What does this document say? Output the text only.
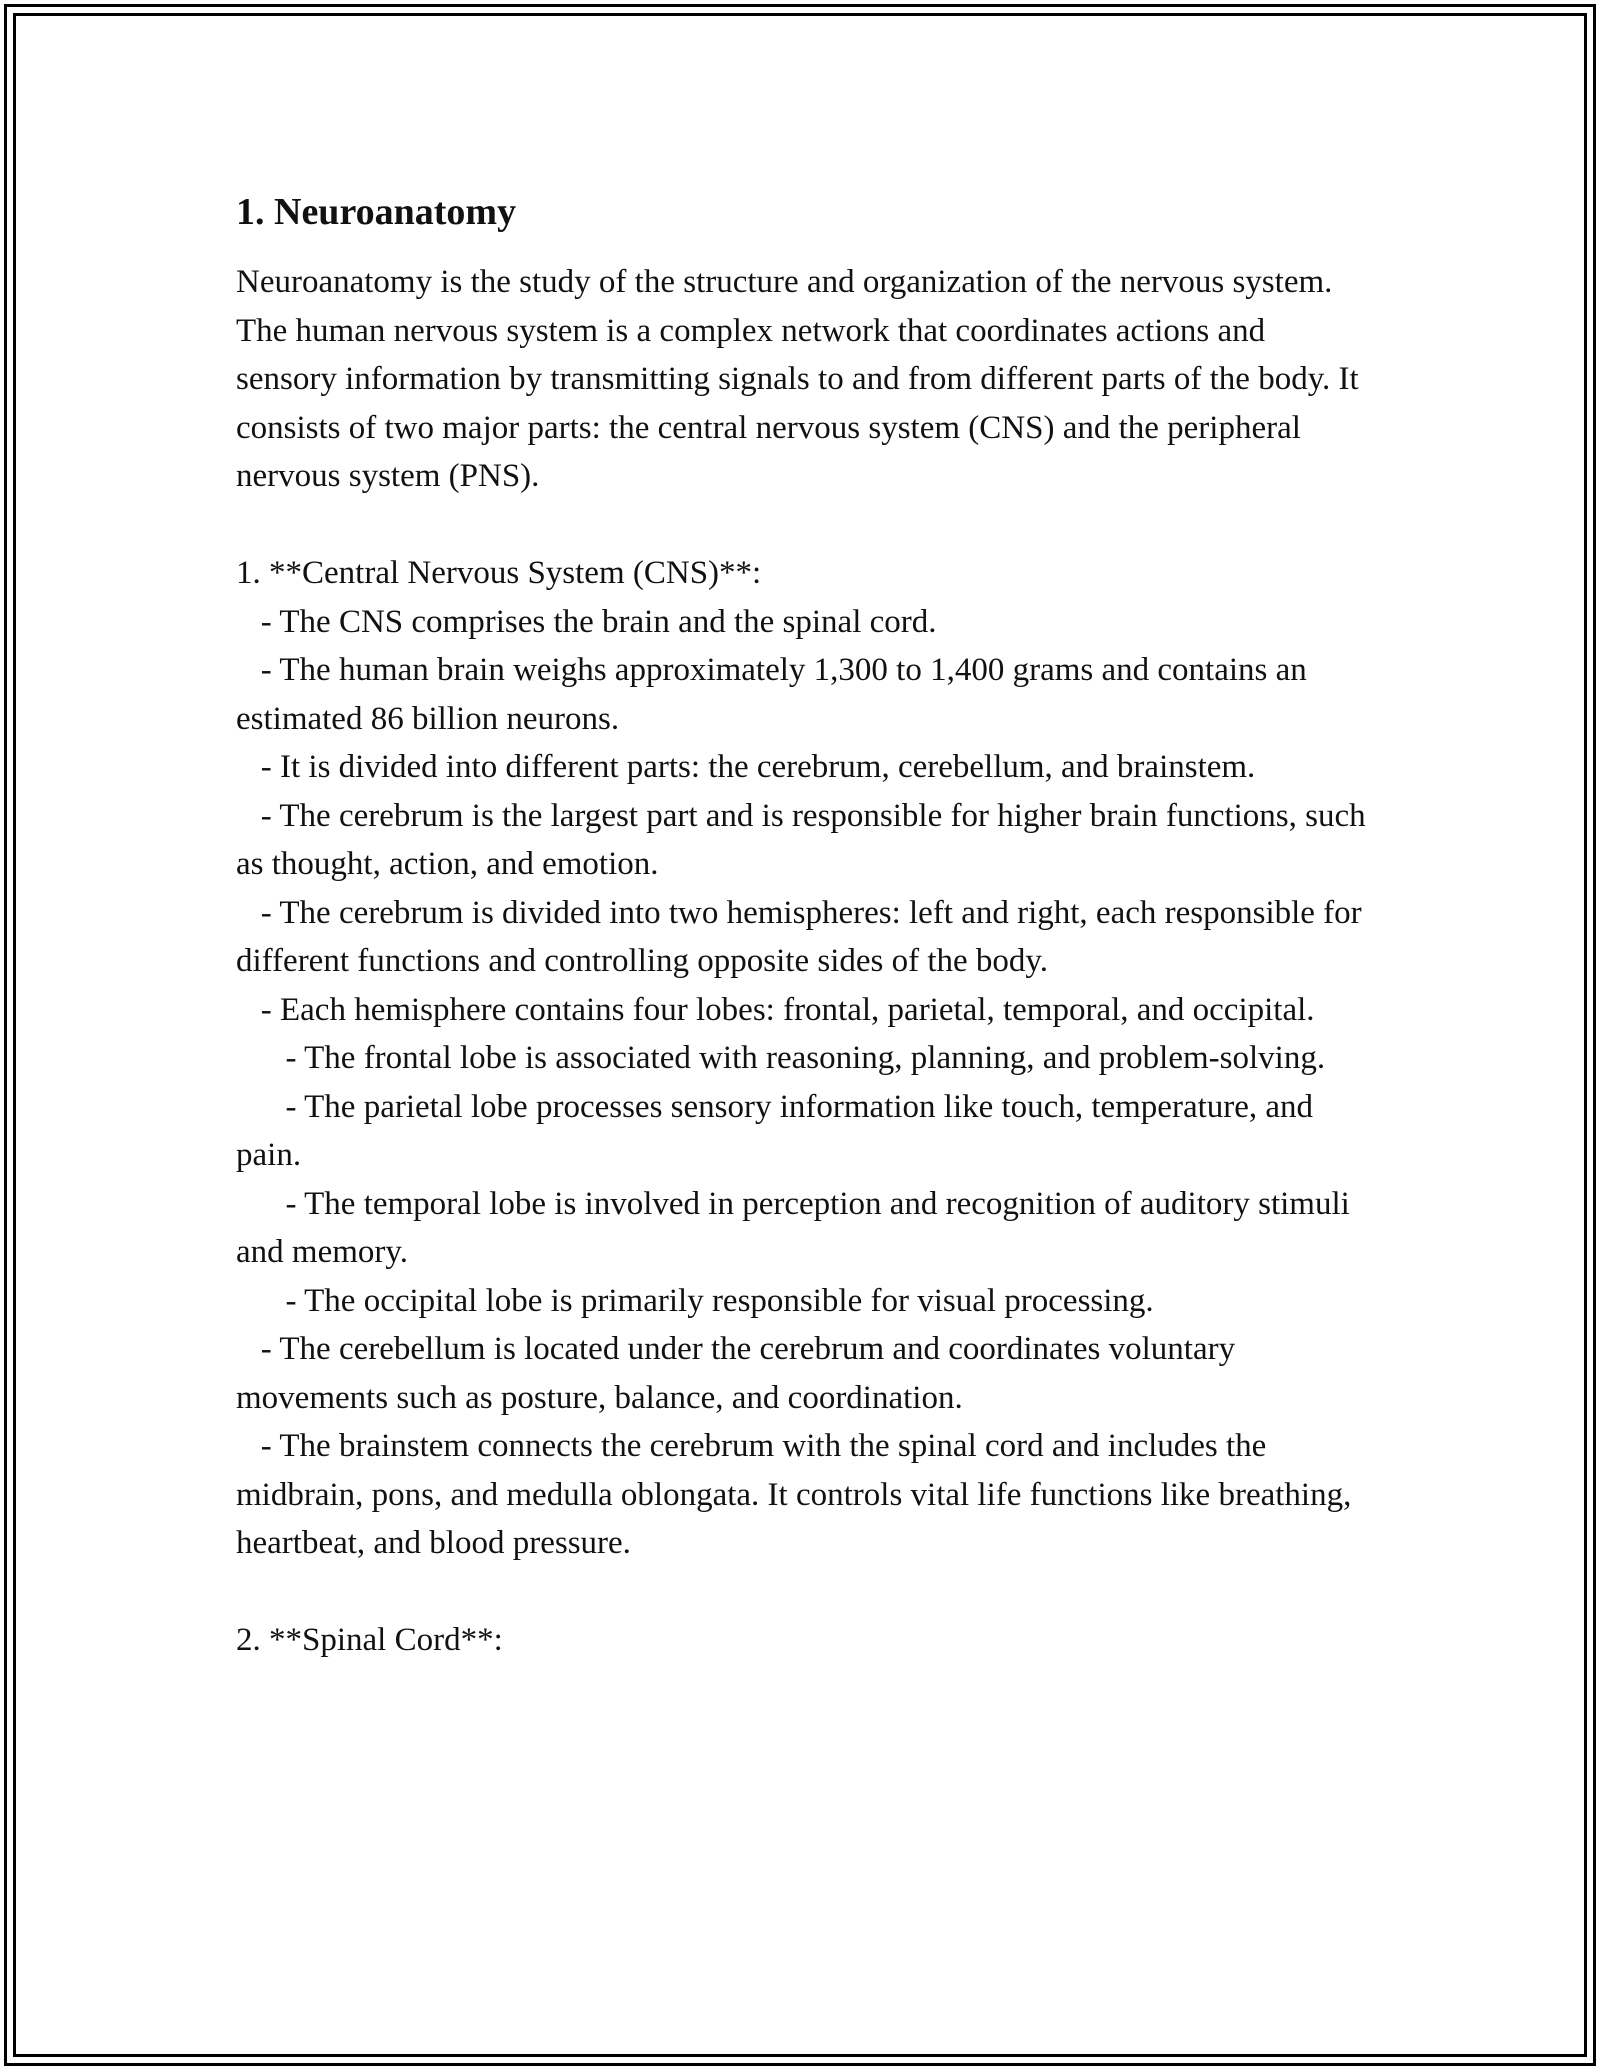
1. Neuroanatomy

Neuroanatomy is the study of the structure and organization of the nervous system. The human nervous system is a complex network that coordinates actions and sensory information by transmitting signals to and from different parts of the body. It consists of two major parts: the central nervous system (CNS) and the peripheral nervous system (PNS).

1. **Central Nervous System (CNS)**:

- The CNS comprises the brain and the spinal cord.

- The human brain weighs approximately 1,300 to 1,400 grams and contains an estimated 86 billion neurons.

- It is divided into different parts: the cerebrum, cerebellum, and brainstem.

- The cerebrum is the largest part and is responsible for higher brain functions, such as thought, action, and emotion.

- The cerebrum is divided into two hemispheres: left and right, each responsible for different functions and controlling opposite sides of the body.

- Each hemisphere contains four lobes: frontal, parietal, temporal, and occipital.

- The frontal lobe is associated with reasoning, planning, and problem-solving.

- The parietal lobe processes sensory information like touch, temperature, and pain.

- The temporal lobe is involved in perception and recognition of auditory stimuli and memory.

- The occipital lobe is primarily responsible for visual processing.

- The cerebellum is located under the cerebrum and coordinates voluntary movements such as posture, balance, and coordination.

- The brainstem connects the cerebrum with the spinal cord and includes the midbrain, pons, and medulla oblongata. It controls vital life functions like breathing, heartbeat, and blood pressure.

2. **Spinal Cord**:
